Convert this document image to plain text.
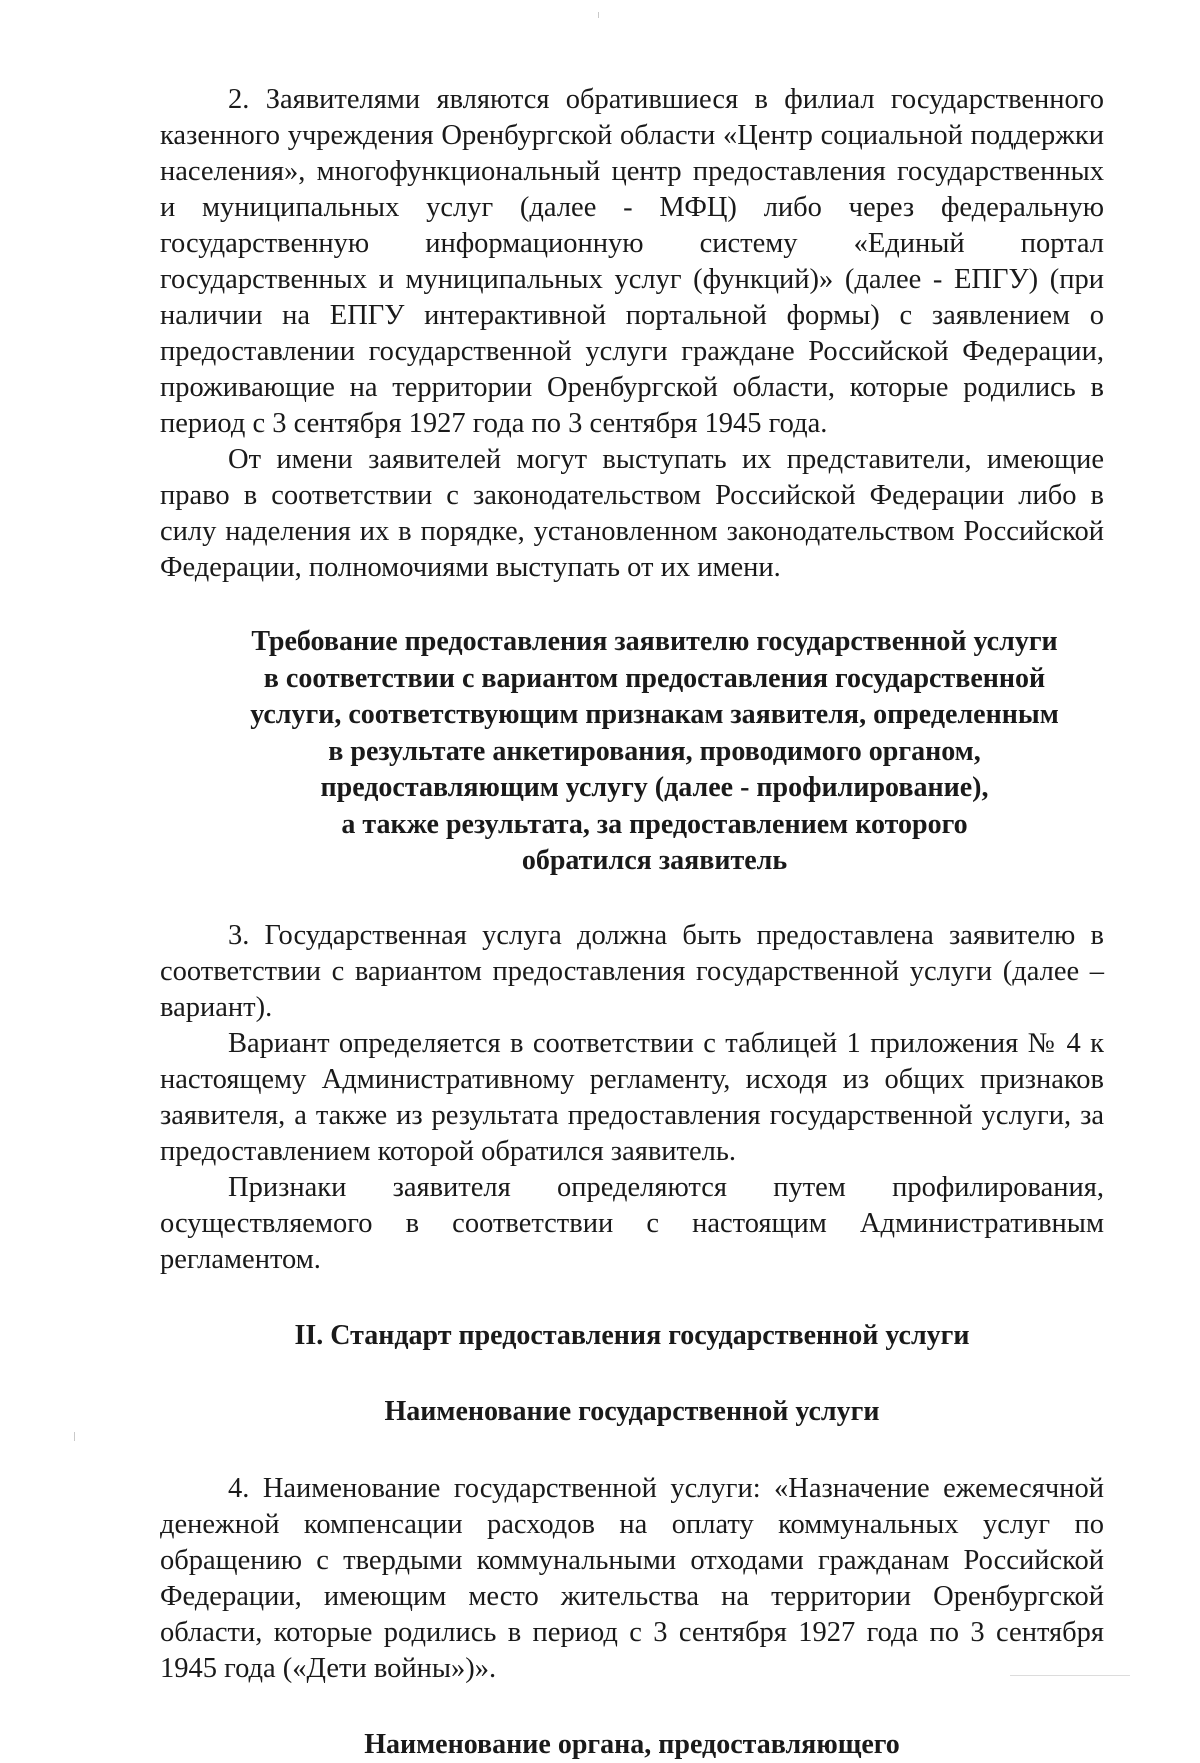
2. Заявителями являются обратившиеся в филиал государственного казенного учреждения Оренбургской области «Центр социальной поддержки населения», многофункциональный центр предоставления государственных и муниципальных услуг (далее - МФЦ) либо через федеральную государственную информационную систему «Единый портал государственных и муниципальных услуг (функций)» (далее - ЕПГУ) (при наличии на ЕПГУ интерактивной портальной формы) с заявлением о предоставлении государственной услуги граждане Российской Федерации, проживающие на территории Оренбургской области, которые родились в период с 3 сентября 1927 года по 3 сентября 1945 года.

От имени заявителей могут выступать их представители, имеющие право в соответствии с законодательством Российской Федерации либо в силу наделения их в порядке, установленном законодательством Российской Федерации, полномочиями выступать от их имени.

Требование предоставления заявителю государственной услуги
в соответствии с вариантом предоставления государственной
услуги, соответствующим признакам заявителя, определенным
в результате анкетирования, проводимого органом,
предоставляющим услугу (далее - профилирование),
а также результата, за предоставлением которого
обратился заявитель

3. Государственная услуга должна быть предоставлена заявителю в соответствии с вариантом предоставления государственной услуги (далее – вариант).

Вариант определяется в соответствии с таблицей 1 приложения № 4 к настоящему Административному регламенту, исходя из общих признаков заявителя, а также из результата предоставления государственной услуги, за предоставлением которой обратился заявитель.

Признаки заявителя определяются путем профилирования, осуществляемого в соответствии с настоящим Административным регламентом.

II. Стандарт предоставления государственной услуги

Наименование государственной услуги

4. Наименование государственной услуги: «Назначение ежемесячной денежной компенсации расходов на оплату коммунальных услуг по обращению с твердыми коммунальными отходами гражданам Российской Федерации, имеющим место жительства на территории Оренбургской области, которые родились в период с 3 сентября 1927 года по 3 сентября 1945 года («Дети войны»)».

Наименование органа, предоставляющего
